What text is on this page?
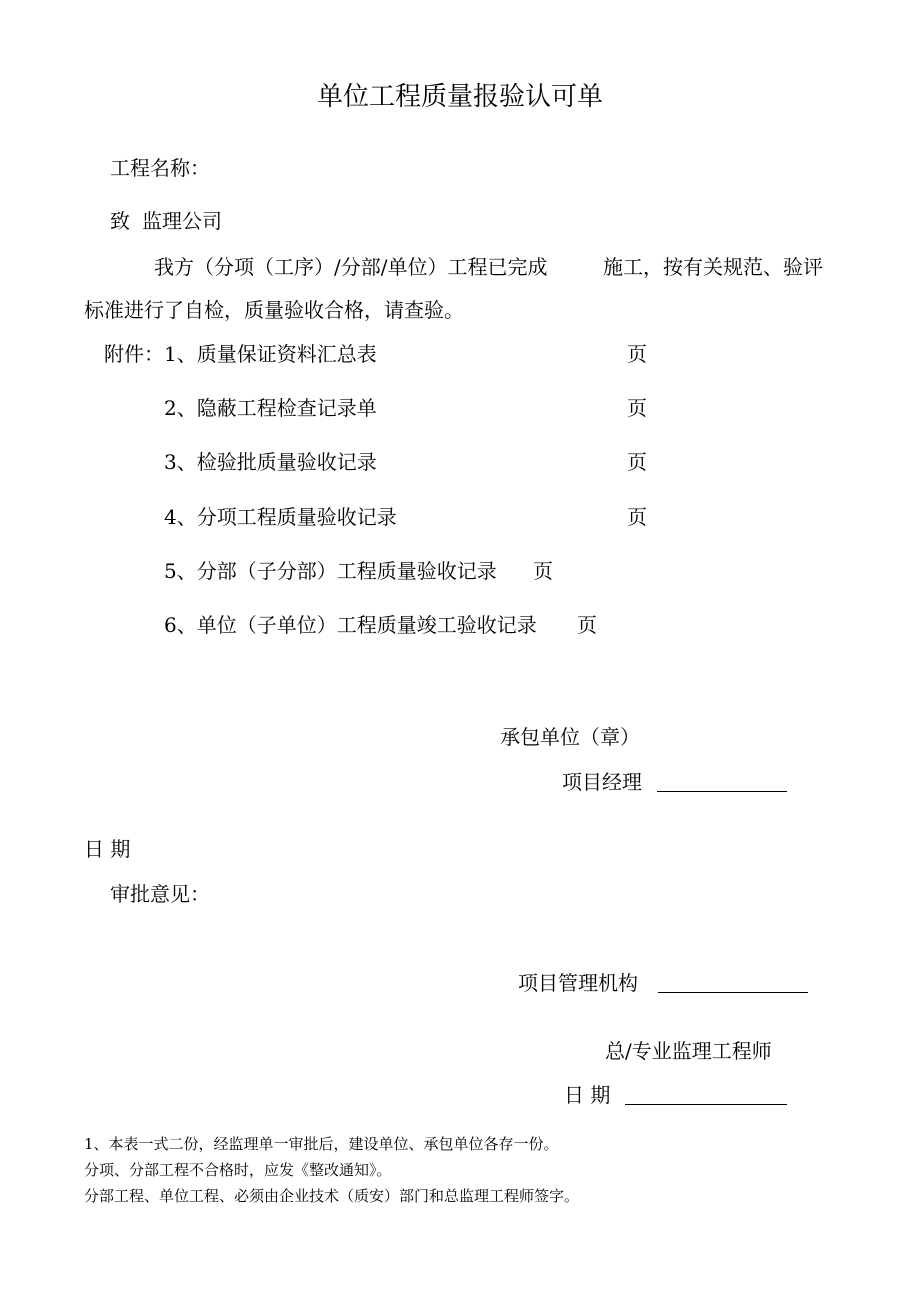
单位工程质量报验认可单
工程名称：
致 监理公司
我方（分项（工序）/分部/单位）工程已完成	施工，按有关规范、验评
标准进行了自检，质量验收合格，请查验。
附件： 1、质量保证资料汇总表	页
2、隐蔽工程检查记录单	页
3、检验批质量验收记录	页
4、分项工程质量验收记录	页
5、分部（子分部）工程质量验收记录 页
6、单位（子单位）工程质量竣工验收记录 页
承包单位（章）
项目经理
日 期
审批意见：
项目管理机构
总/专业监理工程师
日 期
1、本表一式二份，经监理单一审批后，建设单位、承包单位各存一份。
分项、分部工程不合格时，应发《整改通知》。
分部工程、单位工程、必须由企业技术（质安）部门和总监理工程师签字。
